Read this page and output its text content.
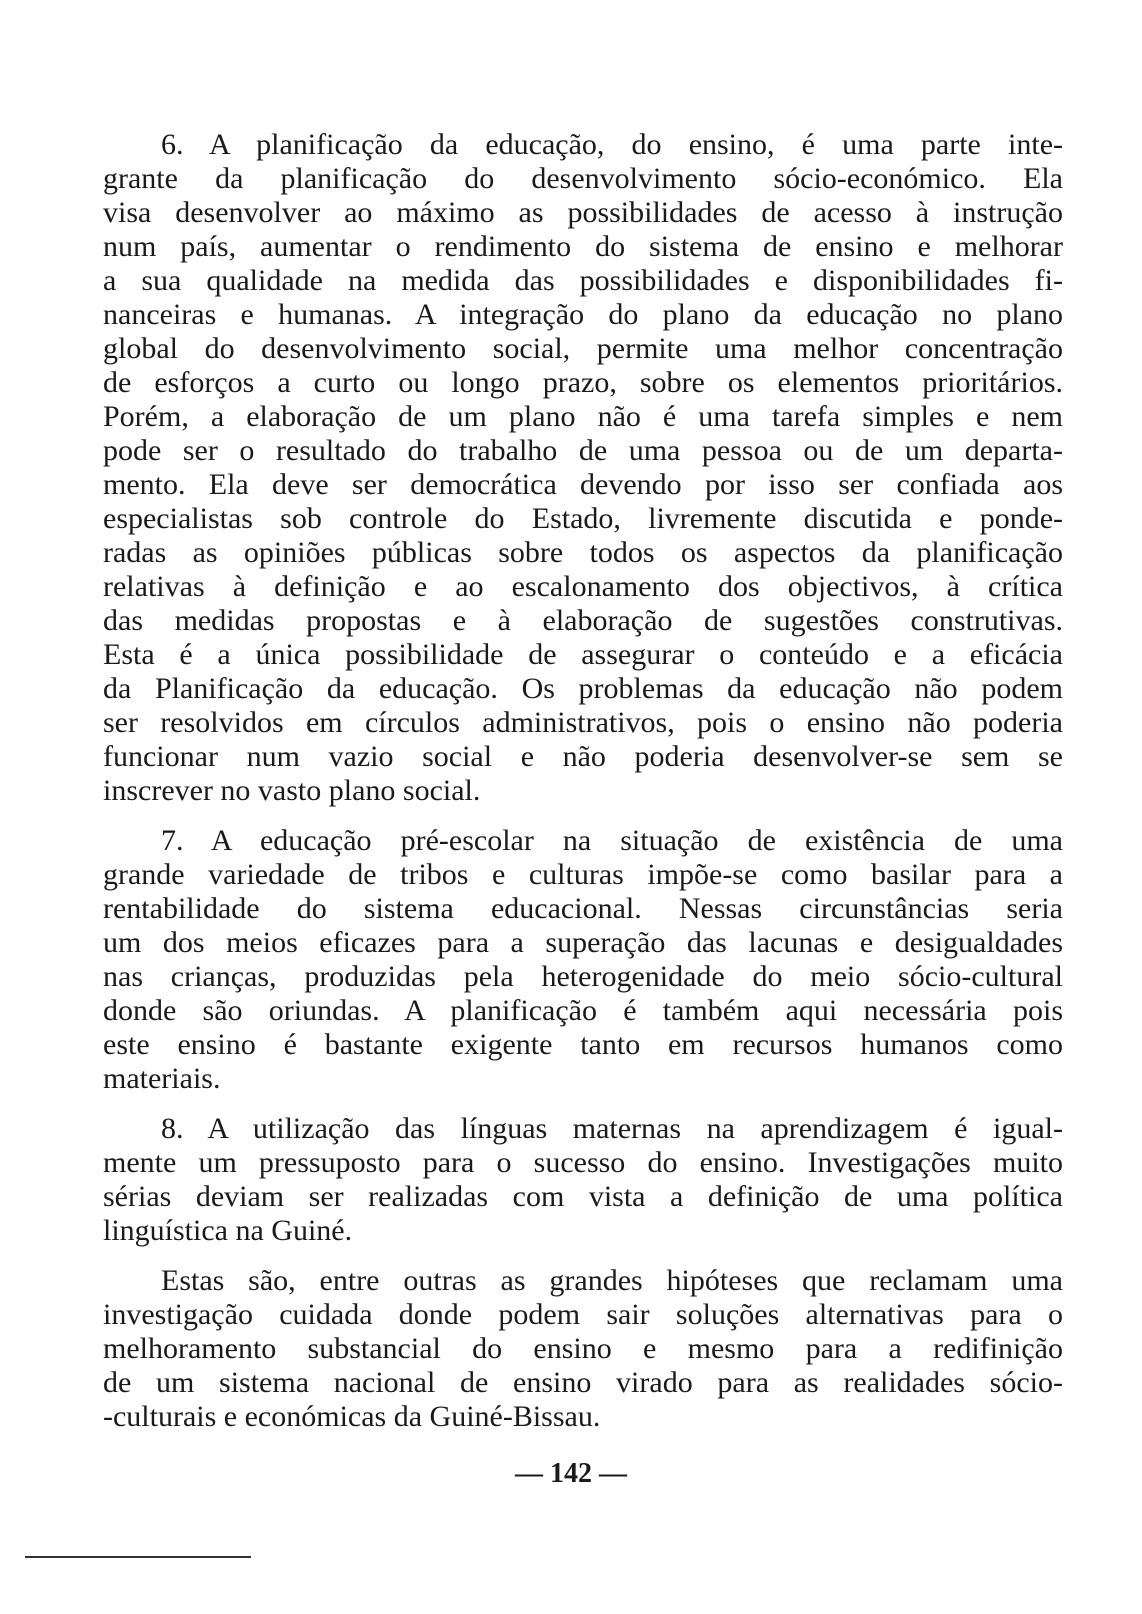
6. A planificação da educação, do ensino, é uma parte inte-
grante da planificação do desenvolvimento sócio-económico. Ela
visa desenvolver ao máximo as possibilidades de acesso à instrução
num país, aumentar o rendimento do sistema de ensino e melhorar
a sua qualidade na medida das possibilidades e disponibilidades fi-
nanceiras e humanas. A integração do plano da educação no plano
global do desenvolvimento social, permite uma melhor concentração
de esforços a curto ou longo prazo, sobre os elementos prioritários.
Porém, a elaboração de um plano não é uma tarefa simples e nem
pode ser o resultado do trabalho de uma pessoa ou de um departa-
mento. Ela deve ser democrática devendo por isso ser confiada aos
especialistas sob controle do Estado, livremente discutida e ponde-
radas as opiniões públicas sobre todos os aspectos da planificação
relativas à definição e ao escalonamento dos objectivos, à crítica
das medidas propostas e à elaboração de sugestões construtivas.
Esta é a única possibilidade de assegurar o conteúdo e a eficácia
da Planificação da educação. Os problemas da educação não podem
ser resolvidos em círculos administrativos, pois o ensino não poderia
funcionar num vazio social e não poderia desenvolver-se sem se
inscrever no vasto plano social.
7. A educação pré-escolar na situação de existência de uma
grande variedade de tribos e culturas impõe-se como basilar para a
rentabilidade do sistema educacional. Nessas circunstâncias seria
um dos meios eficazes para a superação das lacunas e desigualdades
nas crianças, produzidas pela heterogenidade do meio sócio-cultural
donde são oriundas. A planificação é também aqui necessária pois
este ensino é bastante exigente tanto em recursos humanos como
materiais.
8. A utilização das línguas maternas na aprendizagem é igual-
mente um pressuposto para o sucesso do ensino. Investigações muito
sérias deviam ser realizadas com vista a definição de uma política
linguística na Guiné.
Estas são, entre outras as grandes hipóteses que reclamam uma
investigação cuidada donde podem sair soluções alternativas para o
melhoramento substancial do ensino e mesmo para a redifinição
de um sistema nacional de ensino virado para as realidades sócio-
-culturais e económicas da Guiné-Bissau.
— 142 —
